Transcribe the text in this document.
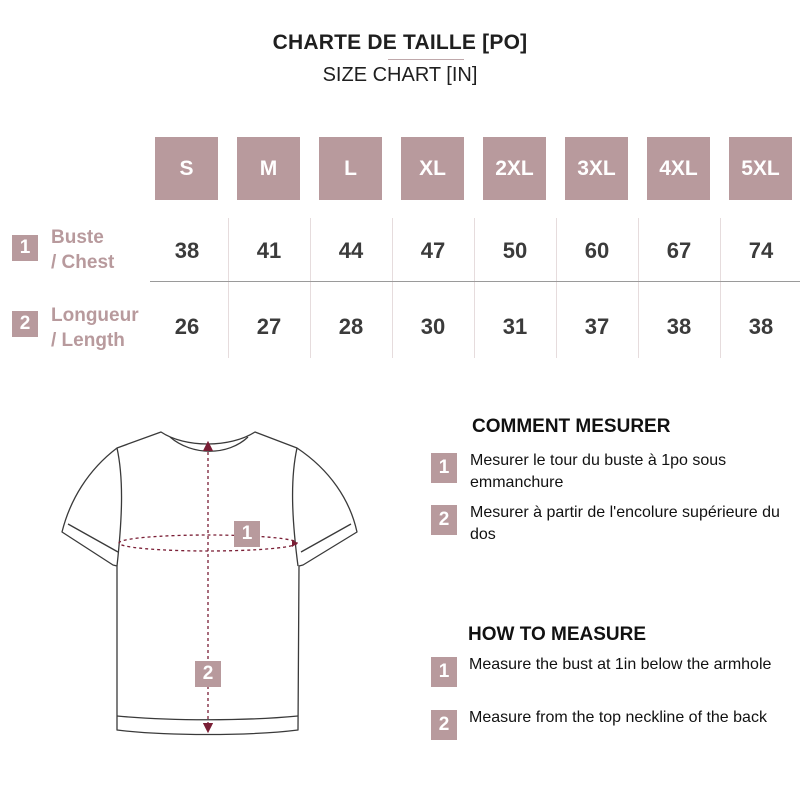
CHARTE DE TAILLE [PO]
SIZE CHART [IN]
S	M	L	XL	2XL	3XL	4XL	5XL
1	Buste
/ Chest	38	41	44	47	50	60	67	74
2	Longueur
/ Length
26	27	28	30	31	37	38	38
1
2
COMMENT MESURER
1	Mesurer le tour du buste à 1po sous emmanchure
2	Mesurer à partir de l'encolure supérieure du dos
HOW TO MEASURE
1	Measure the bust at 1in below the armhole
2	Measure from the top neckline of the back
